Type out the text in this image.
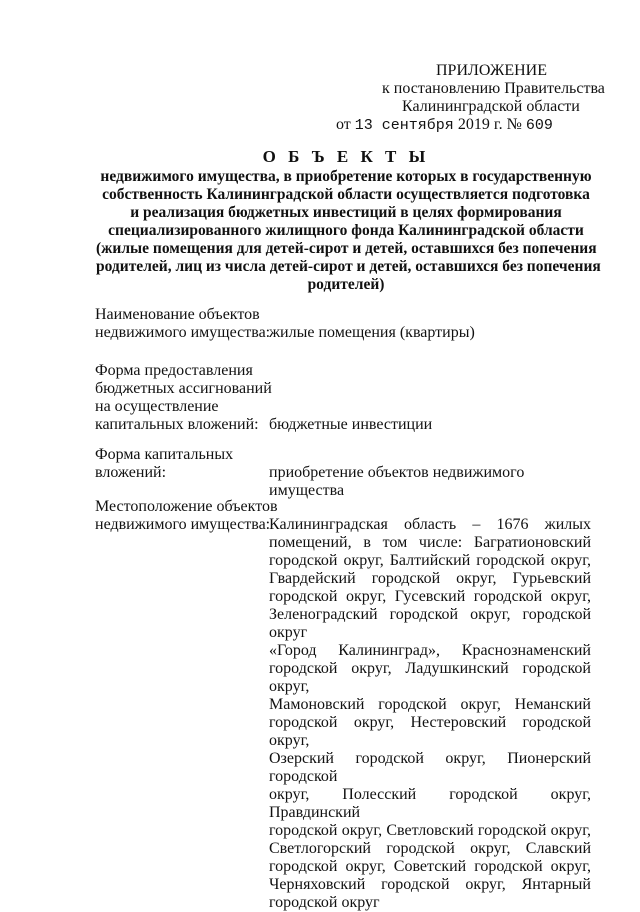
ПРИЛОЖЕНИЕ
к постановлению Правительства
Калининградской области
от 13 сентября 2019 г. № 609
О Б Ъ Е К Т Ы
недвижимого имущества, в приобретение которых в государственную
собственность Калининградской области осуществляется подготовка
и реализация бюджетных инвестиций в целях формирования
специализированного жилищного фонда Калининградской области
(жилые помещения для детей-сирот и детей, оставшихся без попечения
родителей, лиц из числа детей-сирот и детей, оставшихся без попечения
родителей)
Наименование объектов
недвижимого имущества:
жилые помещения (квартиры)
Форма предоставления
бюджетных ассигнований
на осуществление
капитальных вложений: бюджетные инвестиции
Форма капитальных
вложений:	приобретение объектов недвижимого имущества
Местоположение объектов
недвижимого имущества:
Калининградская область – 1676 жилых
помещений, в том числе: Багратионовский
городской округ, Балтийский городской округ,
Гвардейский городской округ, Гурьевский
городской округ, Гусевский городской округ,
Зеленоградский городской округ, городской округ
«Город Калининград», Краснознаменский
городской округ, Ладушкинский городской округ,
Мамоновский городской округ, Неманский
городской округ, Нестеровский городской округ,
Озерский городской округ, Пионерский городской
округ, Полесский городской округ, Правдинский
городской округ, Светловский городской округ,
Светлогорский городской округ, Славский
городской округ, Советский городской округ,
Черняховский городской округ, Янтарный
городской округ
